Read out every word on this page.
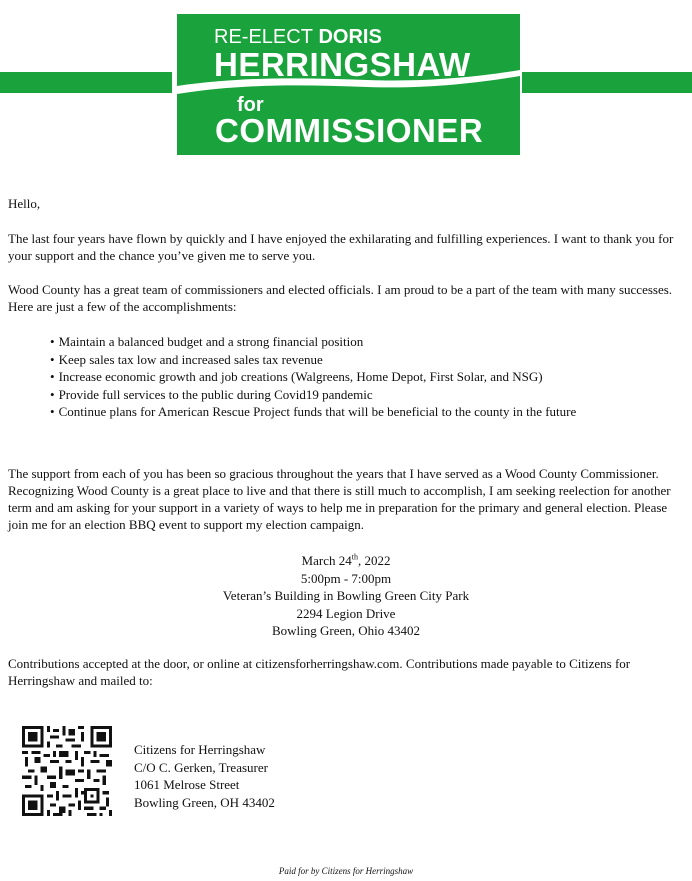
RE-ELECT DORIS
HERRINGSHAW
for
COMMISSIONER

Hello,

The last four years have flown by quickly and I have enjoyed the exhilarating and fulfilling experiences. I want to thank you for your support and the chance you’ve given me to serve you.

Wood County has a great team of commissioners and elected officials. I am proud to be a part of the team with many successes. Here are just a few of the accomplishments:

• Maintain a balanced budget and a strong financial position
• Keep sales tax low and increased sales tax revenue
• Increase economic growth and job creations (Walgreens, Home Depot, First Solar, and NSG)
• Provide full services to the public during Covid19 pandemic
• Continue plans for American Rescue Project funds that will be beneficial to the county in the future

The support from each of you has been so gracious throughout the years that I have served as a Wood County Commissioner. Recognizing Wood County is a great place to live and that there is still much to accomplish, I am seeking reelection for another term and am asking for your support in a variety of ways to help me in preparation for the primary and general election. Please join me for an election BBQ event to support my election campaign.

March 24th, 2022
5:00pm - 7:00pm
Veteran’s Building in Bowling Green City Park
2294 Legion Drive
Bowling Green, Ohio 43402

Contributions accepted at the door, or online at citizensforherringshaw.com. Contributions made payable to Citizens for Herringshaw and mailed to:

Citizens for Herringshaw
C/O C. Gerken, Treasurer
1061 Melrose Street
Bowling Green, OH 43402
Paid for by Citizens for Herringshaw
